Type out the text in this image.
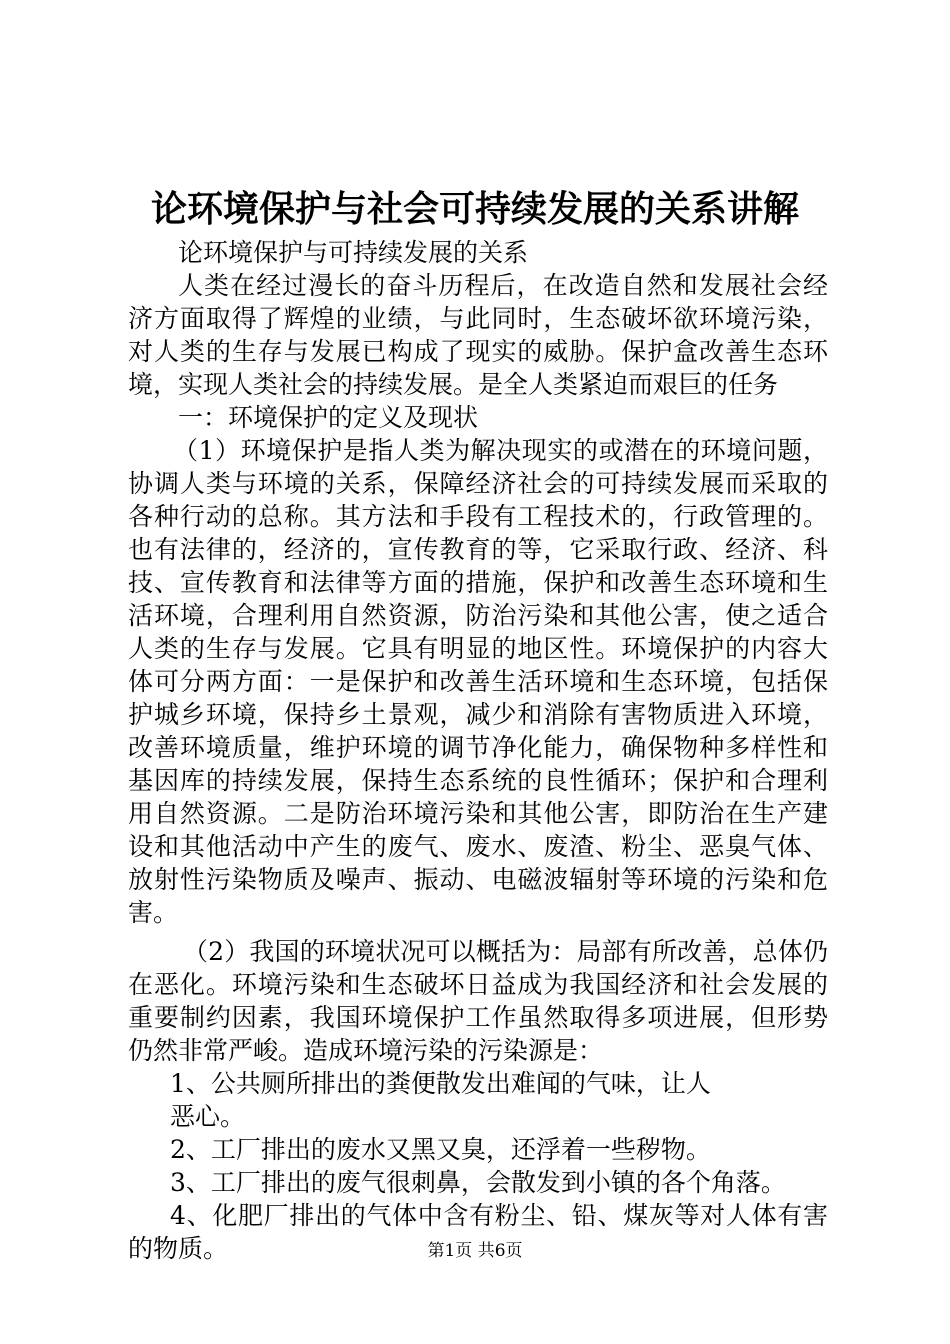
论环境保护与社会可持续发展的关系讲解
论环境保护与可持续发展的关系
人类在经过漫长的奋斗历程后，在改造自然和发展社会经
济方面取得了辉煌的业绩，与此同时，生态破坏欲环境污染，
对人类的生存与发展已构成了现实的威胁。保护盒改善生态环
境，实现人类社会的持续发展。是全人类紧迫而艰巨的任务
一：环境保护的定义及现状
（1）环境保护是指人类为解决现实的或潜在的环境问题，
协调人类与环境的关系，保障经济社会的可持续发展而采取的
各种行动的总称。其方法和手段有工程技术的，行政管理的。
也有法律的，经济的，宣传教育的等，它采取行政、经济、科
技、宣传教育和法律等方面的措施，保护和改善生态环境和生
活环境，合理利用自然资源，防治污染和其他公害，使之适合
人类的生存与发展。它具有明显的地区性。环境保护的内容大
体可分两方面：一是保护和改善生活环境和生态环境，包括保
护城乡环境，保持乡土景观，减少和消除有害物质进入环境，
改善环境质量，维护环境的调节净化能力，确保物种多样性和
基因库的持续发展，保持生态系统的良性循环；保护和合理利
用自然资源。二是防治环境污染和其他公害，即防治在生产建
设和其他活动中产生的废气、废水、废渣、粉尘、恶臭气体、
放射性污染物质及噪声、振动、电磁波辐射等环境的污染和危
害。
（2）我国的环境状况可以概括为：局部有所改善，总体仍
在恶化。环境污染和生态破坏日益成为我国经济和社会发展的
重要制约因素，我国环境保护工作虽然取得多项进展，但形势
仍然非常严峻。造成环境污染的污染源是：
1、公共厕所排出的粪便散发出难闻的气味，让人
恶心。
2、工厂排出的废水又黑又臭，还浮着一些秽物。
3、工厂排出的废气很刺鼻，会散发到小镇的各个角落。
4、化肥厂排出的气体中含有粉尘、铅、煤灰等对人体有害
的物质。	第1页 共6页
